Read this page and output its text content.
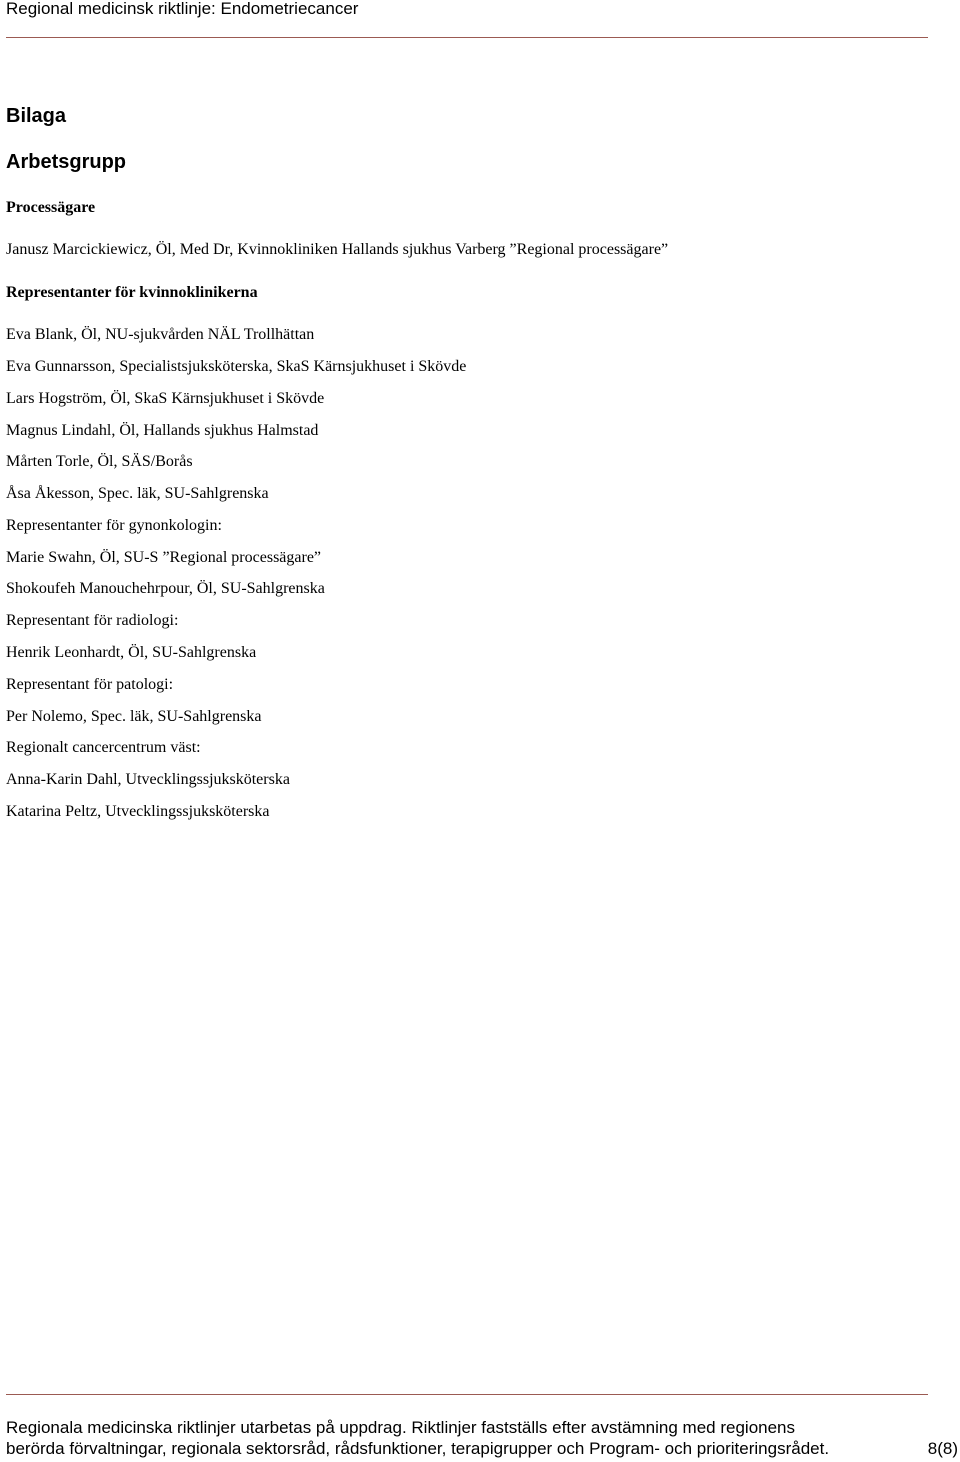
Regional medicinsk riktlinje: Endometriecancer
Bilaga
Arbetsgrupp
Processägare
Janusz Marcickiewicz, Öl, Med Dr, Kvinnokliniken Hallands sjukhus Varberg ”Regional processägare”
Representanter för kvinnokliniker​na
Eva Blank, Öl, NU-sjukvården NÄL Trollhättan
Eva Gunnarsson, Specialistsjuksköterska, SkaS Kärnsjukhuset i Skövde
Lars Hogström, Öl, SkaS Kärnsjukhuset i Skövde
Magnus Lindahl, Öl, Hallands sjukhus Halmstad
Mårten Torle, Öl, SÄS/Borås
Åsa Åkesson, Spec. läk, SU-Sahlgrenska
Representanter för gynonkologin:
Marie Swahn, Öl, SU-S ”Regional processägare”
Shokoufeh Manouchehrpour, Öl, SU-Sahlgrenska
Representant för radiologi:
Henrik Leonhardt, Öl, SU-Sahlgrenska
Representant för patologi:
Per Nolemo, Spec. läk, SU-Sahlgrenska
Regionalt cancercentrum väst:
Anna-Karin Dahl, Utvecklingssjuksköterska
Katarina Peltz, Utvecklingssjuksköterska
Regionala medicinska riktlinjer utarbetas på uppdrag. Riktlinjer fastställs efter avstämning med regionens
berörda förvaltningar, regionala sektorsråd, rådsfunktioner, terapigrupper och Program- och prioriteringsrådet.	8(8)
